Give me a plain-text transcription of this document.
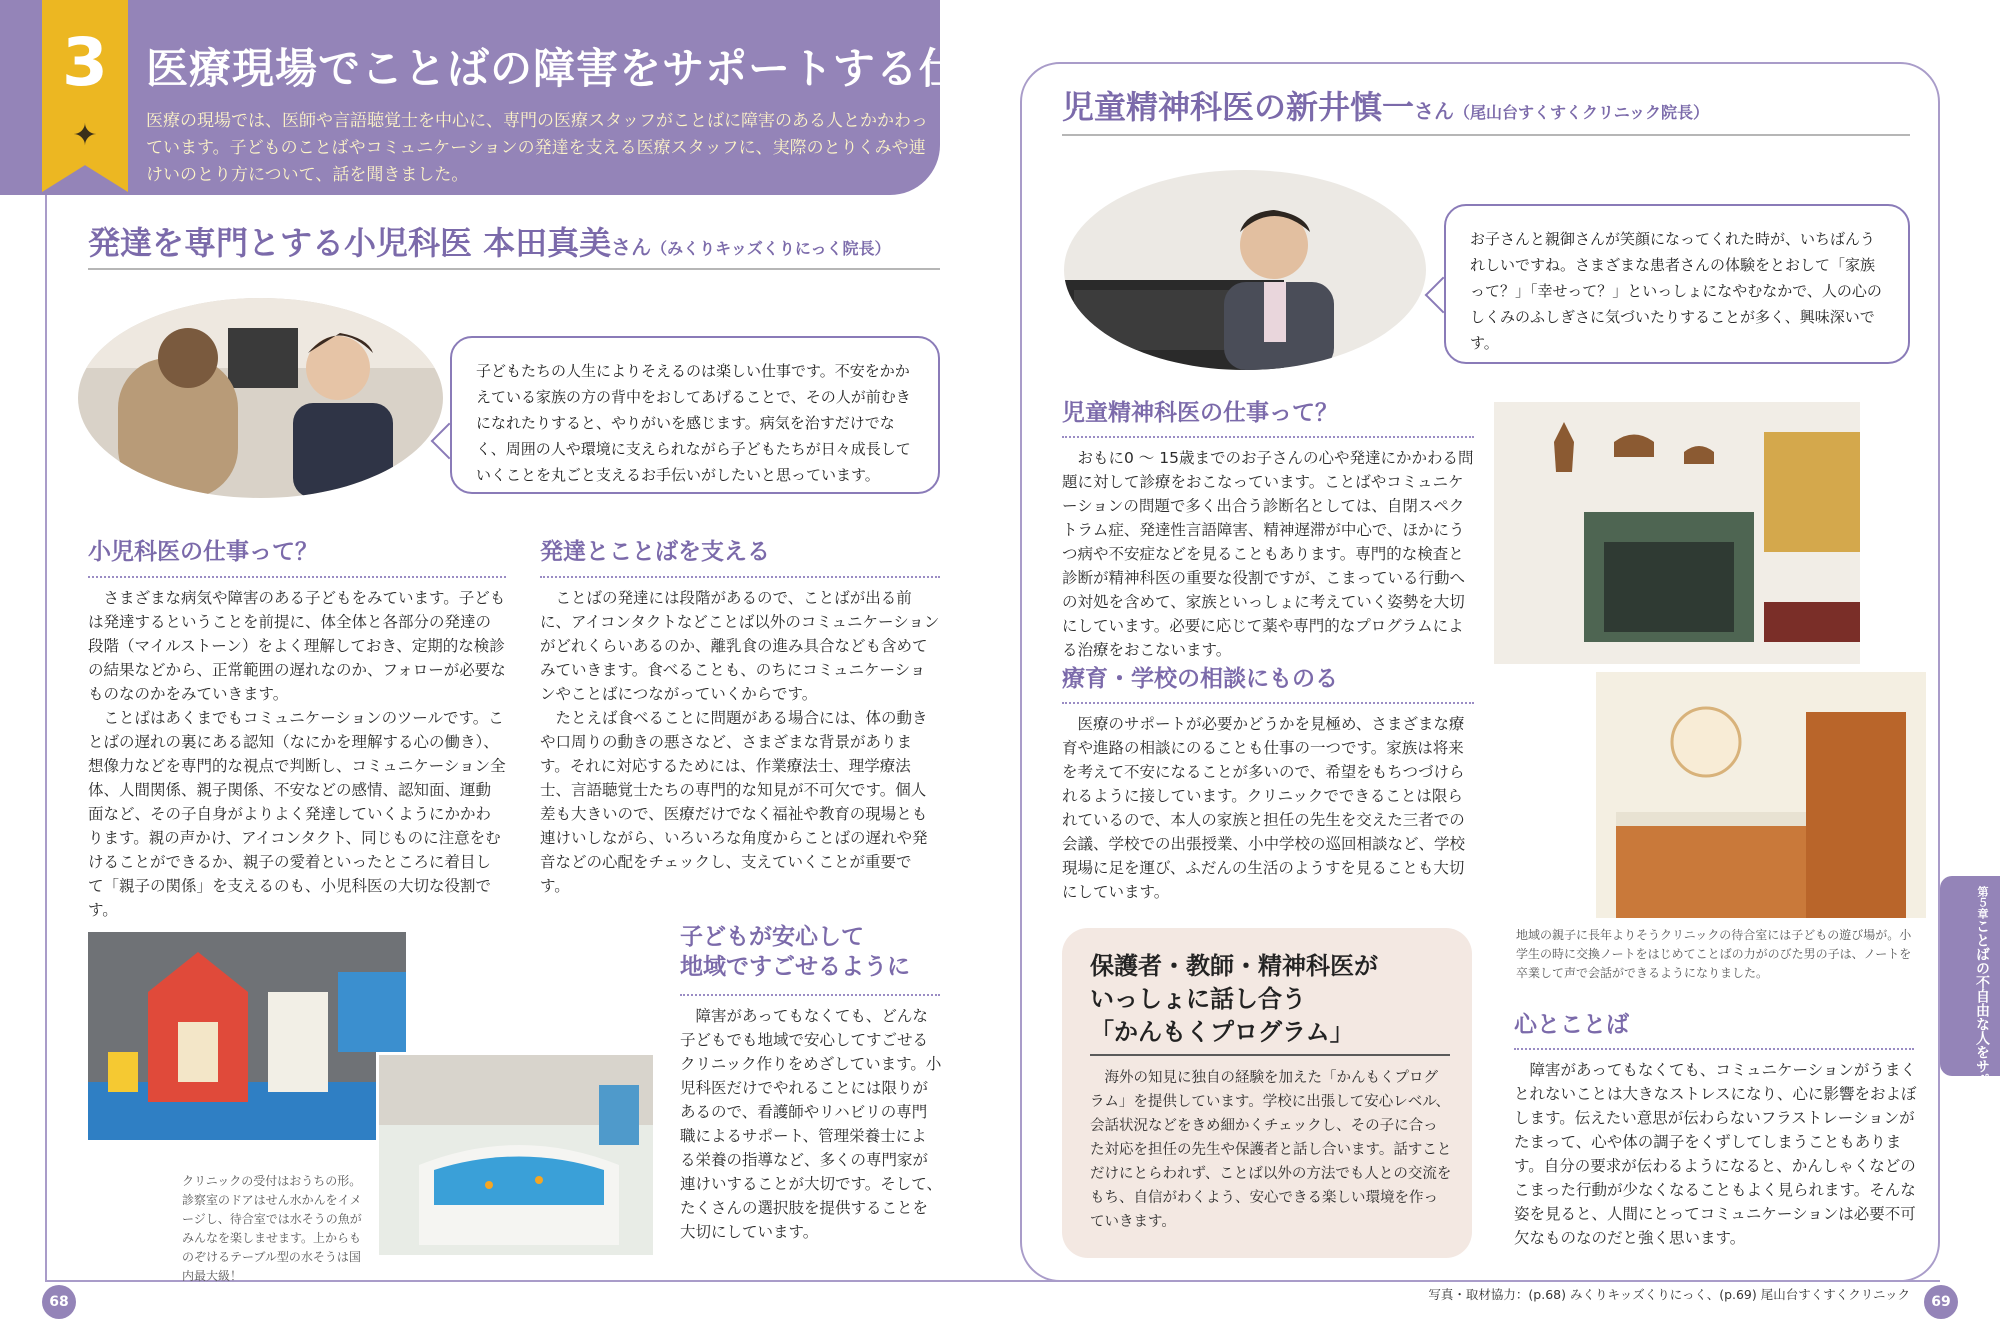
3
✦
医療現場でことばの障害をサポートする仕事
医療の現場では、医師や言語聴覚士を中心に、専門の医療スタッフがことばに障害のある人とかかわっています。子どものことばやコミュニケーションの発達を支える医療スタッフに、実際のとりくみや連けいのとり方について、話を聞きました。
発達を専門とする小児科医 本田真美さん（みくりキッズくりにっく院長）
子どもたちの人生によりそえるのは楽しい仕事です。不安をかかえている家族の方の背中をおしてあげることで、その人が前むきになれたりすると、やりがいを感じます。病気を治すだけでなく、周囲の人や環境に支えられながら子どもたちが日々成長していくことを丸ごと支えるお手伝いがしたいと思っています。
小児科医の仕事って？

さまざまな病気や障害のある子どもをみています。子どもは発達するということを前提に、体全体と各部分の発達の段階（マイルストーン）をよく理解しておき、定期的な検診の結果などから、正常範囲の遅れなのか、フォローが必要なものなのかをみていきます。

ことばはあくまでもコミュニケーションのツールです。ことばの遅れの裏にある認知（なにかを理解する心の働き）、想像力などを専門的な視点で判断し、コミュニケーション全体、人間関係、親子関係、不安などの感情、認知面、運動面など、その子自身がよりよく発達していくようにかかわります。親の声かけ、アイコンタクト、同じものに注意をむけることができるか、親子の愛着といったところに着目して「親子の関係」を支えるのも、小児科医の大切な役割です。

発達とことばを支える

ことばの発達には段階があるので、ことばが出る前に、アイコンタクトなどことば以外のコミュニケーションがどれくらいあるのか、離乳食の進み具合なども含めてみていきます。食べることも、のちにコミュニケーションやことばにつながっていくからです。

たとえば食べることに問題がある場合には、体の動きや口周りの動きの悪さなど、さまざまな背景があります。それに対応するためには、作業療法士、理学療法士、言語聴覚士たちの専門的な知見が不可欠です。個人差も大きいので、医療だけでなく福祉や教育の現場とも連けいしながら、いろいろな角度からことばの遅れや発音などの心配をチェックし、支えていくことが重要です。

クリニックの受付はおうちの形。診察室のドアはせん水かんをイメージし、待合室では水そうの魚がみんなを楽しませます。上からものぞけるテーブル型の水そうは国内最大級！
子どもが安心して
地域ですごせるように

障害があってもなくても、どんな子どもでも地域で安心してすごせるクリニック作りをめざしています。小児科医だけでやれることには限りがあるので、看護師やリハビリの専門職によるサポート、管理栄養士による栄養の指導など、多くの専門家が連けいすることが大切です。そして、たくさんの選択肢を提供することを大切にしています。

68
児童精神科医の新井慎一さん（尾山台すくすくクリニック院長）
お子さんと親御さんが笑顔になってくれた時が、いちばんうれしいですね。さまざまな患者さんの体験をとおして「家族って？」「幸せって？」といっしょになやむなかで、人の心のしくみのふしぎさに気づいたりすることが多く、興味深いです。
児童精神科医の仕事って？

おもに0 ～ 15歳までのお子さんの心や発達にかかわる問題に対して診療をおこなっています。ことばやコミュニケーションの問題で多く出合う診断名としては、自閉スペクトラム症、発達性言語障害、精神遅滞が中心で、ほかにうつ病や不安症などを見ることもあります。専門的な検査と診断が精神科医の重要な役割ですが、こまっている行動への対処を含めて、家族といっしょに考えていく姿勢を大切にしています。必要に応じて薬や専門的なプログラムによる治療をおこないます。

療育・学校の相談にものる

医療のサポートが必要かどうかを見極め、さまざまな療育や進路の相談にのることも仕事の一つです。家族は将来を考えて不安になることが多いので、希望をもちつづけられるように接しています。クリニックでできることは限られているので、本人の家族と担任の先生を交えた三者での会議、学校での出張授業、小中学校の巡回相談など、学校現場に足を運び、ふだんの生活のようすを見ることも大切にしています。

地域の親子に長年よりそうクリニックの待合室には子どもの遊び場が。小学生の時に交換ノートをはじめてことばの力がのびた男の子は、ノートを卒業して声で会話ができるようになりました。
保護者・教師・精神科医が
いっしょに話し合う
「かんもくプログラム」
海外の知見に独自の経験を加えた「かんもくプログラム」を提供しています。学校に出張して安心レベル、会話状況などをきめ細かくチェックし、その子に合った対応を担任の先生や保護者と話し合います。話すことだけにとらわれず、ことば以外の方法でも人との交流をもち、自信がわくよう、安心できる楽しい環境を作っていきます。
心とことば

障害があってもなくても、コミュニケーションがうまくとれないことは大きなストレスになり、心に影響をおよぼします。伝えたい意思が伝わらないフラストレーションがたまって、心や体の調子をくずしてしまうこともあります。自分の要求が伝わるようになると、かんしゃくなどのこまった行動が少なくなることもよく見られます。そんな姿を見ると、人間にとってコミュニケーションは必要不可欠なものなのだと強く思います。

第５章ことばの不自由な人をサポートする仕事
写真・取材協力：(p.68) みくりキッズくりにっく、(p.69) 尾山台すくすくクリニック	69
